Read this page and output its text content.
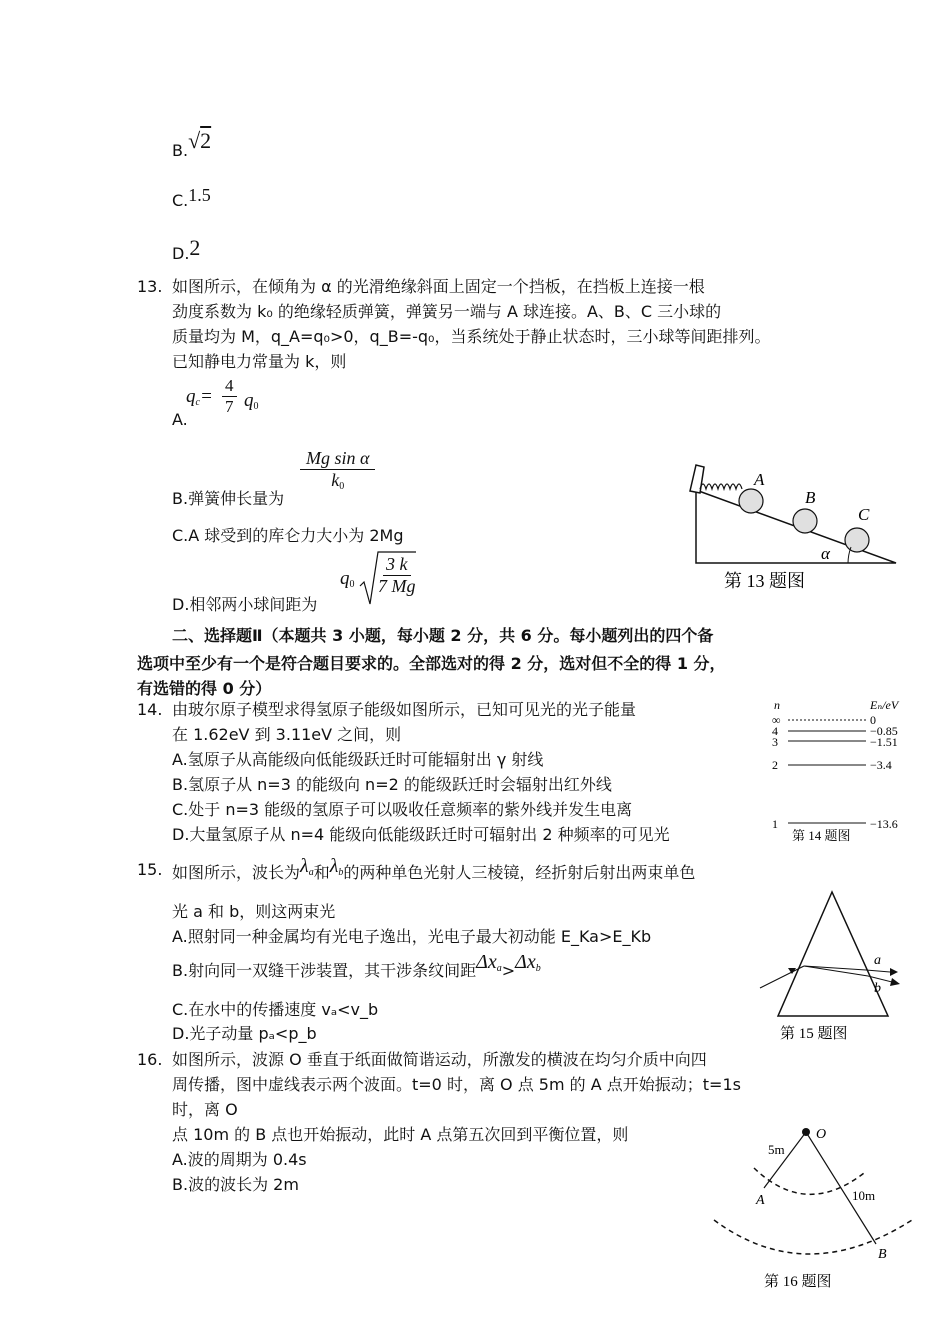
B.√2
C.1.5
D.2
13. 如图所示，在倾角为 α 的光滑绝缘斜面上固定一个挡板，在挡板上连接一根
劲度系数为 k₀ 的绝缘轻质弹簧，弹簧另一端与 A 球连接。A、B、C 三小球的
质量均为 M，q_A=q₀>0，q_B=-q₀，当系统处于静止状态时，三小球等间距排列。
已知静电力常量为 k，则
A.
$q_c= \frac{4}{7} q_0$
B.弹簧伸长量为
$\frac{\text{Mg sin α}}{k_0}$
C.A 球受到的库仑力大小为 2Mg
D.相邻两小球间距为
$q_0 \frac{3 k}{7 Mg}$
A
B
C
α
第 13 题图
二、选择题Ⅱ（本题共 3 小题，每小题 2 分，共 6 分。每小题列出的四个备
选项中至少有一个是符合题目要求的。全部选对的得 2 分，选对但不全的得 1 分，
有选错的得 0 分）
14. 由玻尔原子模型求得氢原子能级如图所示，已知可见光的光子能量
在 1.62eV 到 3.11eV 之间，则
A.氢原子从高能级向低能级跃迁时可能辐射出 γ 射线
B.氢原子从 n=3 的能级向 n=2 的能级跃迁时会辐射出红外线
C.处于 n=3 能级的氢原子可以吸收任意频率的紫外线并发生电离
D.大量氢原子从 n=4 能级向低能级跃迁时可辐射出 2 种频率的可见光
n	Eₙ/eV
∞	0
4	−0.85
3	−1.51
2	−3.4
1	−13.6
第 14 题图
15. 如图所示，波长为$\lambda_a$和$\lambda_b$的两种单色光射人三棱镜，经折射后射出两束单色
光 a 和 b，则这两束光
A.照射同一种金属均有光电子逸出，光电子最大初动能 E_Ka>E_Kb
B.射向同一双缝干涉装置，其干涉条纹间距$\Delta x_a>\Delta x_b$
C.在水中的传播速度 vₐ<v_b
D.光子动量 pₐ<p_b
a
b
第 15 题图
16. 如图所示，波源 O 垂直于纸面做简谐运动，所激发的横波在均匀介质中向四
周传播，图中虚线表示两个波面。t=0 时，离 O 点 5m 的 A 点开始振动；t=1s
时，离 O
点 10m 的 B 点也开始振动，此时 A 点第五次回到平衡位置，则
A.波的周期为 0.4s
B.波的波长为 2m
O
A
B
5m
10m
第 16 题图
